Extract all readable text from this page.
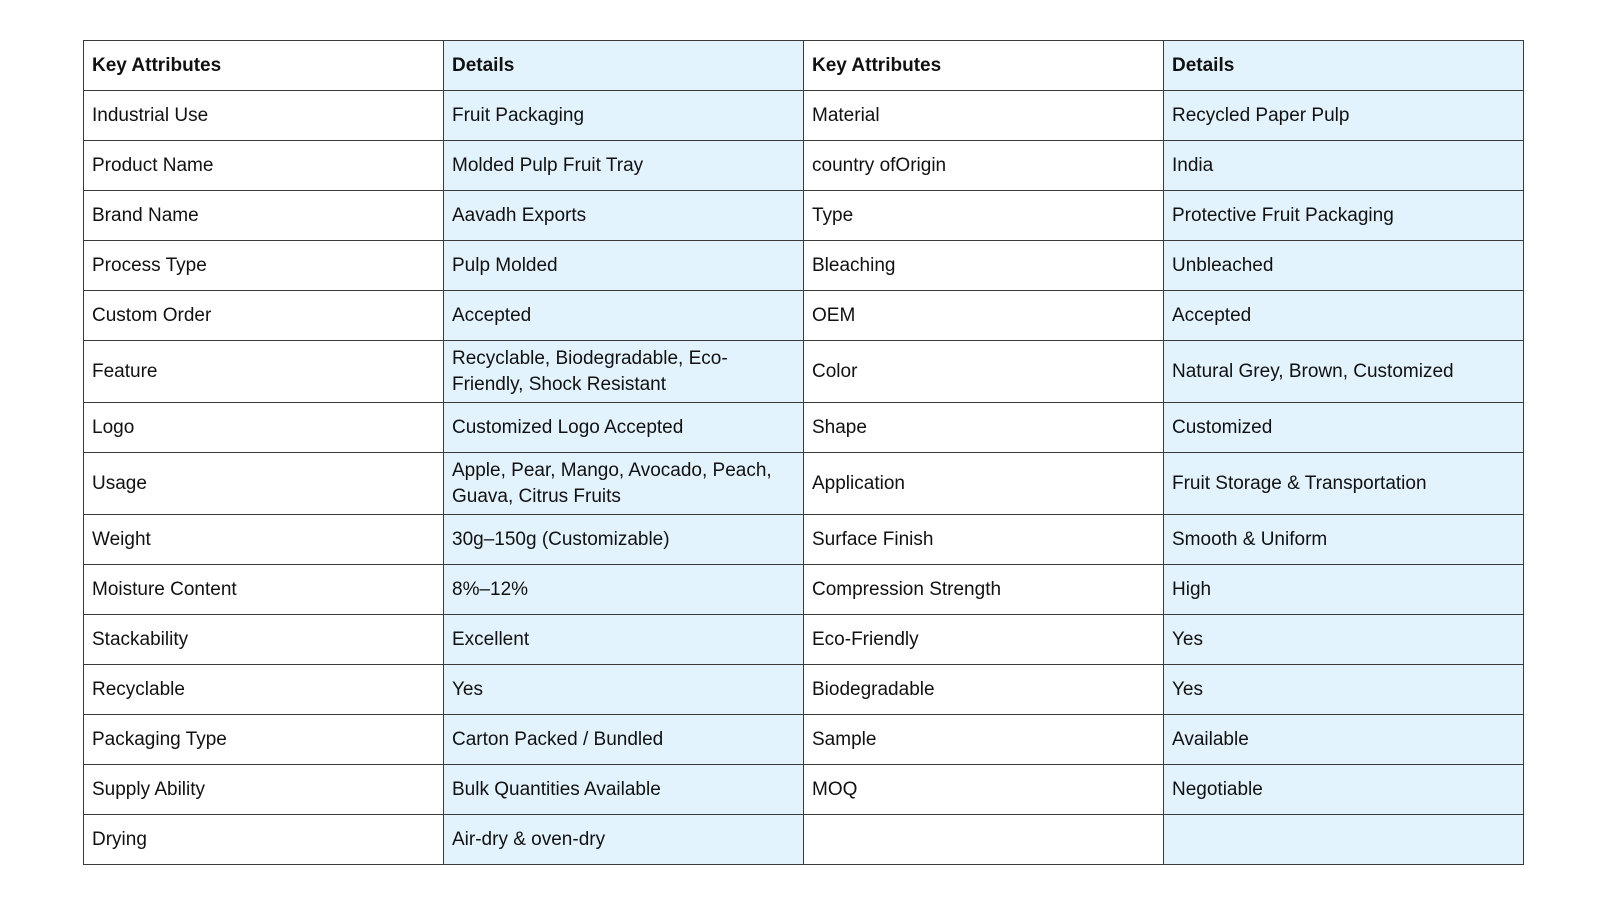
Key Attributes	Details	Key Attributes	Details
Industrial Use	Fruit Packaging	Material	Recycled Paper Pulp
Product Name	Molded Pulp Fruit Tray	country ofOrigin	India
Brand Name	Aavadh Exports	Type	Protective Fruit Packaging
Process Type	Pulp Molded	Bleaching	Unbleached
Custom Order	Accepted	OEM	Accepted
Feature	Recyclable, Biodegradable, Eco-Friendly, Shock Resistant	Color	Natural Grey, Brown, Customized
Logo	Customized Logo Accepted	Shape	Customized
Usage	Apple, Pear, Mango, Avocado, Peach, Guava, Citrus Fruits	Application	Fruit Storage & Transportation
Weight	30g–150g (Customizable)	Surface Finish	Smooth & Uniform
Moisture Content	8%–12%	Compression Strength	High
Stackability	Excellent	Eco-Friendly	Yes
Recyclable	Yes	Biodegradable	Yes
Packaging Type	Carton Packed / Bundled	Sample	Available
Supply Ability	Bulk Quantities Available	MOQ	Negotiable
Drying	Air-dry & oven-dry		
